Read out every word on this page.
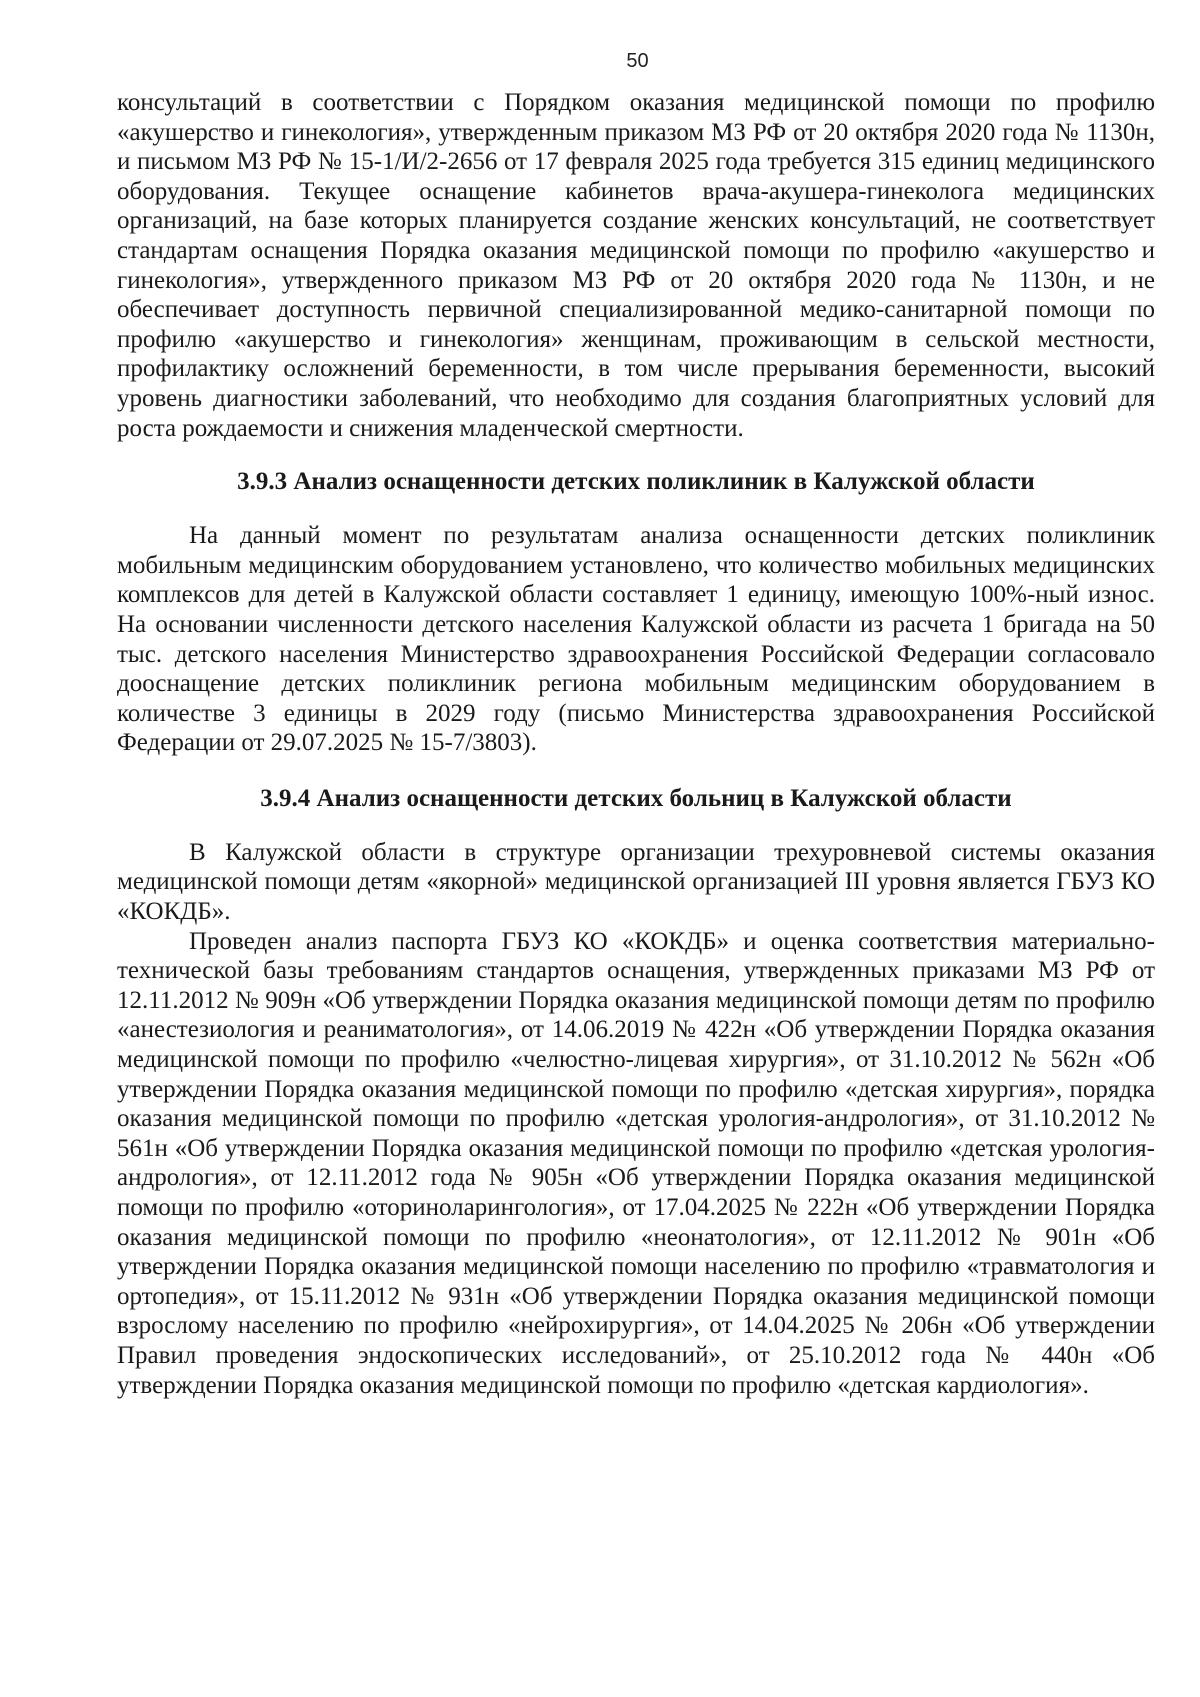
50

консультаций в соответствии с Порядком оказания медицинской помощи по профилю «акушерство и гинекология», утвержденным приказом МЗ РФ от 20 октября 2020 года № 1130н, и письмом МЗ РФ № 15-1/И/2-2656 от 17 февраля 2025 года требуется 315 единиц медицинского оборудования. Текущее оснащение кабинетов врача-акушера-гинеколога медицинских организаций, на базе которых планируется создание женских консультаций, не соответствует стандартам оснащения Порядка оказания медицинской помощи по профилю «акушерство и гинекология», утвержденного приказом МЗ РФ от 20 октября 2020 года № 1130н, и не обеспечивает доступность первичной специализированной медико-санитарной помощи по профилю «акушерство и гинекология» женщинам, проживающим в сельской местности, профилактику осложнений беременности, в том числе прерывания беременности, высокий уровень диагностики заболеваний, что необходимо для создания благоприятных условий для роста рождаемости и снижения младенческой смертности.

3.9.3 Анализ оснащенности детских поликлиник в Калужской области

На данный момент по результатам анализа оснащенности детских поликлиник мобильным медицинским оборудованием установлено, что количество мобильных медицинских комплексов для детей в Калужской области составляет 1 единицу, имеющую 100%-ный износ. На основании численности детского населения Калужской области из расчета 1 бригада на 50 тыс. детского населения Министерство здравоохранения Российской Федерации согласовало дооснащение детских поликлиник региона мобильным медицинским оборудованием в количестве 3 единицы в 2029 году (письмо Министерства здравоохранения Российской Федерации от 29.07.2025 № 15-7/3803).

3.9.4 Анализ оснащенности детских больниц в Калужской области

В Калужской области в структуре организации трехуровневой системы оказания медицинской помощи детям «якорной» медицинской организацией III уровня является ГБУЗ КО «КОКДБ».

Проведен анализ паспорта ГБУЗ КО «КОКДБ» и оценка соответствия материально-технической базы требованиям стандартов оснащения, утвержденных приказами МЗ РФ от 12.11.2012 № 909н «Об утверждении Порядка оказания медицинской помощи детям по профилю «анестезиология и реаниматология», от 14.06.2019 № 422н «Об утверждении Порядка оказания медицинской помощи по профилю «челюстно-лицевая хирургия», от 31.10.2012 № 562н «Об утверждении Порядка оказания медицинской помощи по профилю «детская хирургия», порядка оказания медицинской помощи по профилю «детская урология-андрология», от 31.10.2012 № 561н «Об утверждении Порядка оказания медицинской помощи по профилю «детская урология-андрология», от 12.11.2012 года № 905н «Об утверждении Порядка оказания медицинской помощи по профилю «оториноларингология», от 17.04.2025 № 222н «Об утверждении Порядка оказания медицинской помощи по профилю «неонатология», от 12.11.2012 № 901н «Об утверждении Порядка оказания медицинской помощи населению по профилю «травматология и ортопедия», от 15.11.2012 № 931н «Об утверждении Порядка оказания медицинской помощи взрослому населению по профилю «нейрохирургия», от 14.04.2025 № 206н «Об утверждении Правил проведения эндоскопических исследований», от 25.10.2012 года № 440н «Об утверждении Порядка оказания медицинской помощи по профилю «детская кардиология».
